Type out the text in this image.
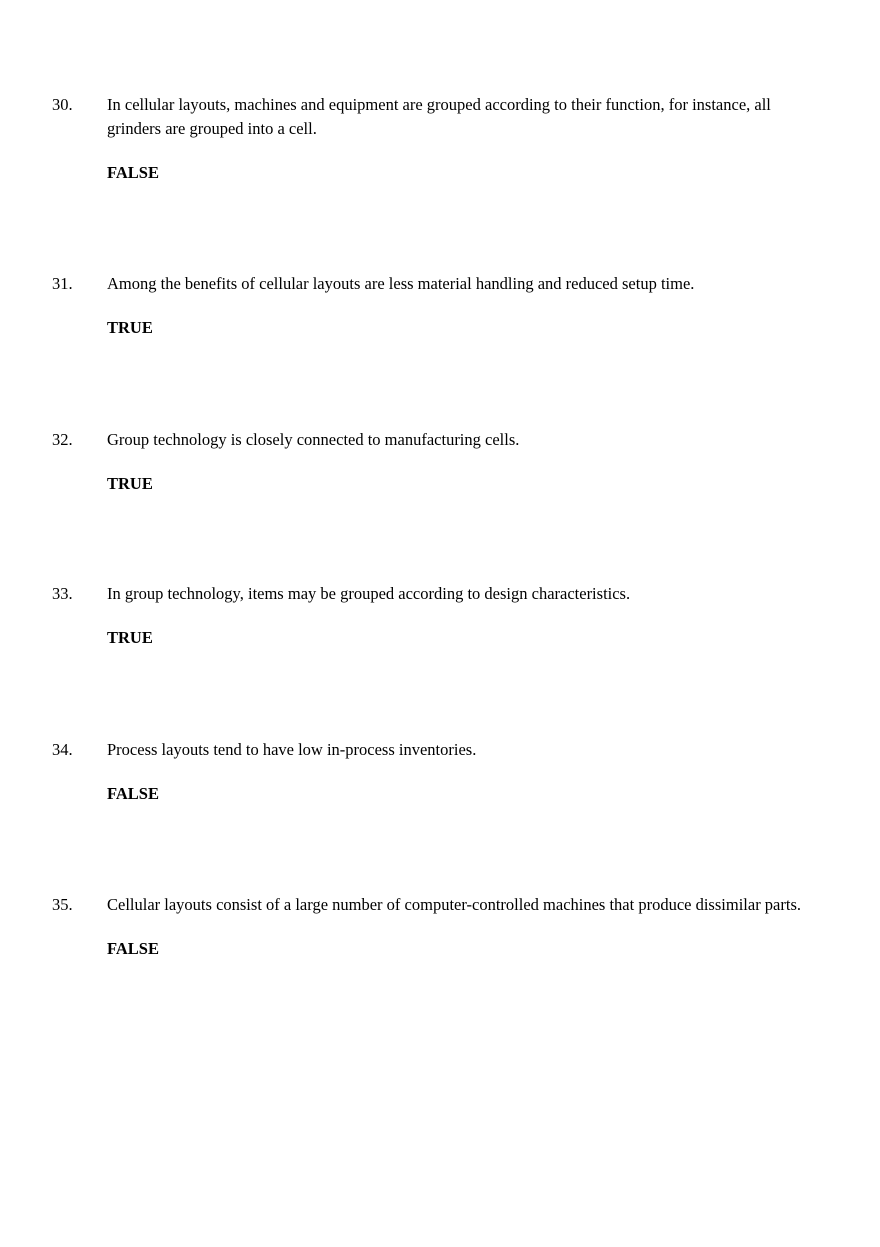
30. In cellular layouts, machines and equipment are grouped according to their function, for instance, all grinders are grouped into a cell.
FALSE
31. Among the benefits of cellular layouts are less material handling and reduced setup time.
TRUE
32. Group technology is closely connected to manufacturing cells.
TRUE
33. In group technology, items may be grouped according to design characteristics.
TRUE
34. Process layouts tend to have low in-process inventories.
FALSE
35. Cellular layouts consist of a large number of computer-controlled machines that produce dissimilar parts.
FALSE
